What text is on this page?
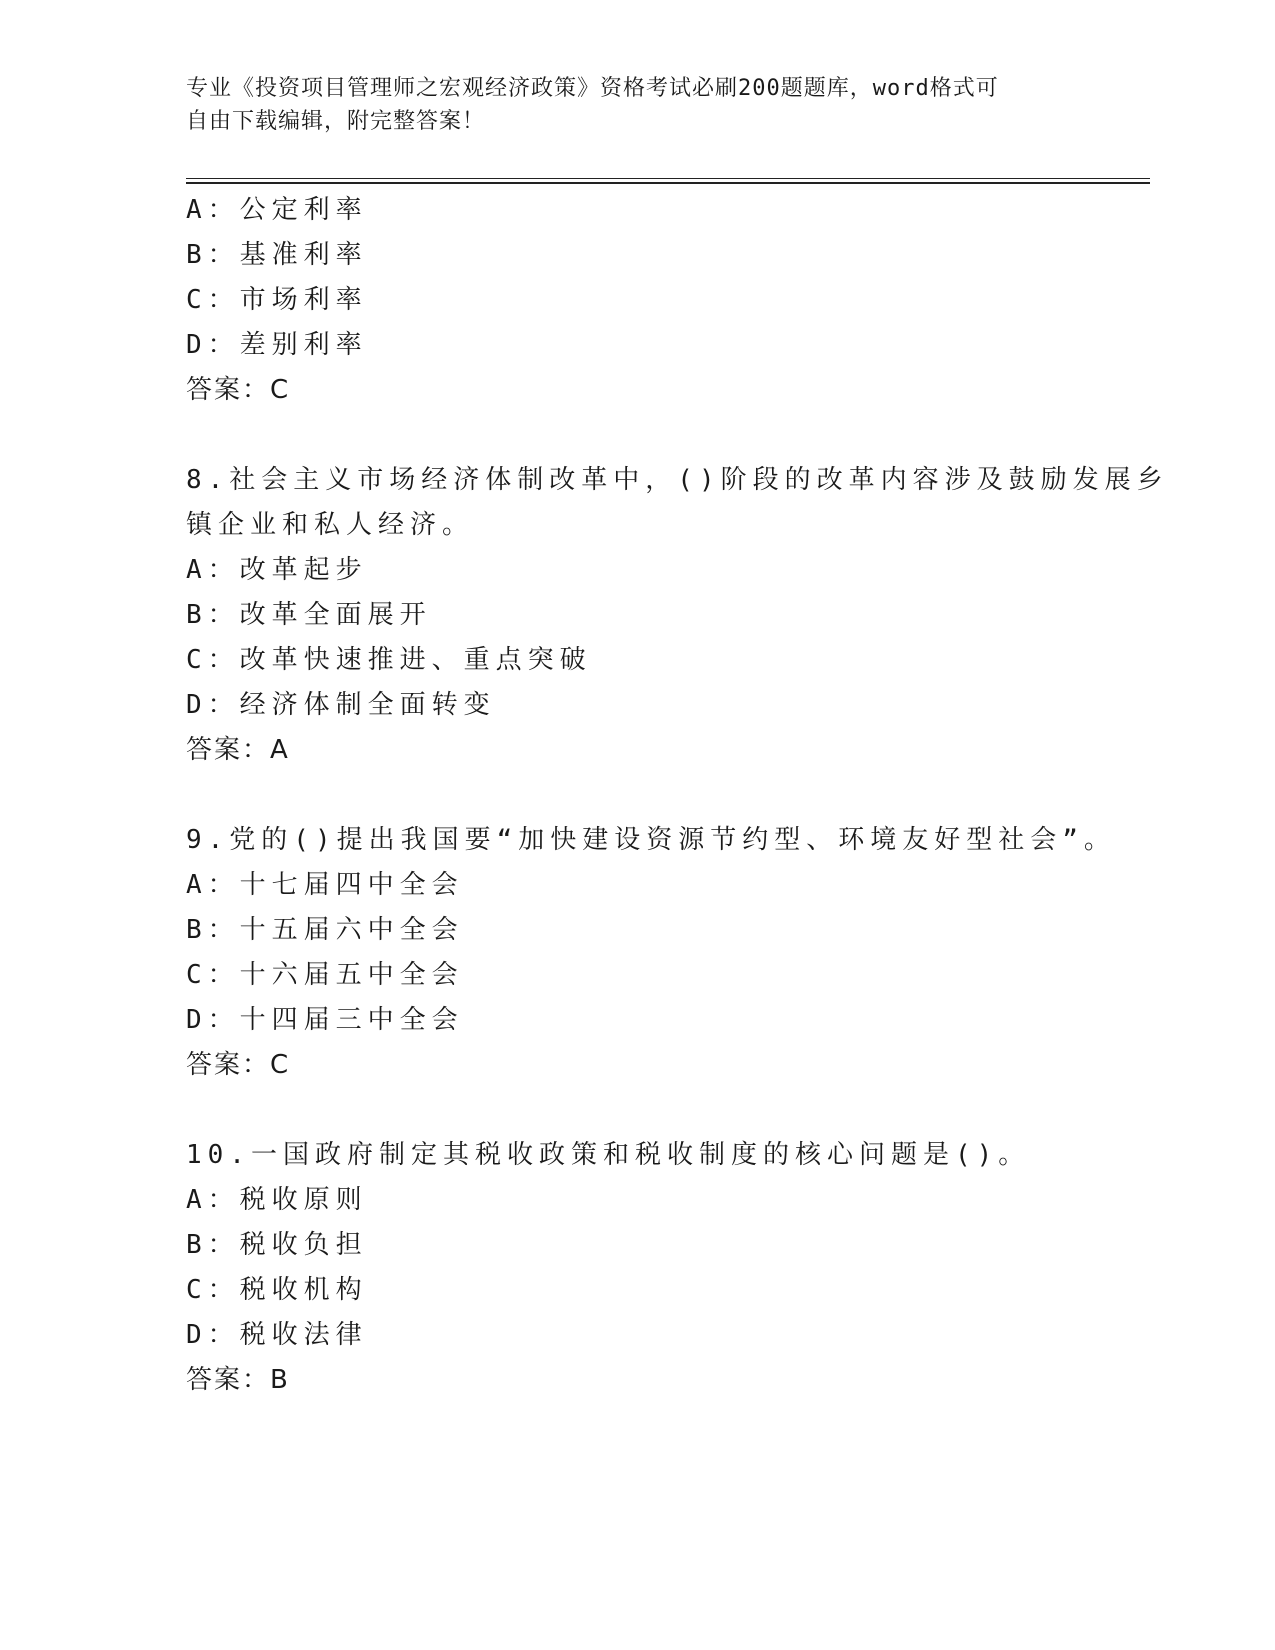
专业《投资项目管理师之宏观经济政策》资格考试必刷200题题库，word格式可
自由下载编辑，附完整答案！
A：公定利率
B：基准利率
C：市场利率
D：差别利率
答案：C
8.社会主义市场经济体制改革中，()阶段的改革内容涉及鼓励发展乡
镇企业和私人经济。
A：改革起步
B：改革全面展开
C：改革快速推进、重点突破
D：经济体制全面转变
答案：A
9.党的()提出我国要“加快建设资源节约型、环境友好型社会”。
A：十七届四中全会
B：十五届六中全会
C：十六届五中全会
D：十四届三中全会
答案：C
10.一国政府制定其税收政策和税收制度的核心问题是()。
A：税收原则
B：税收负担
C：税收机构
D：税收法律
答案：B
